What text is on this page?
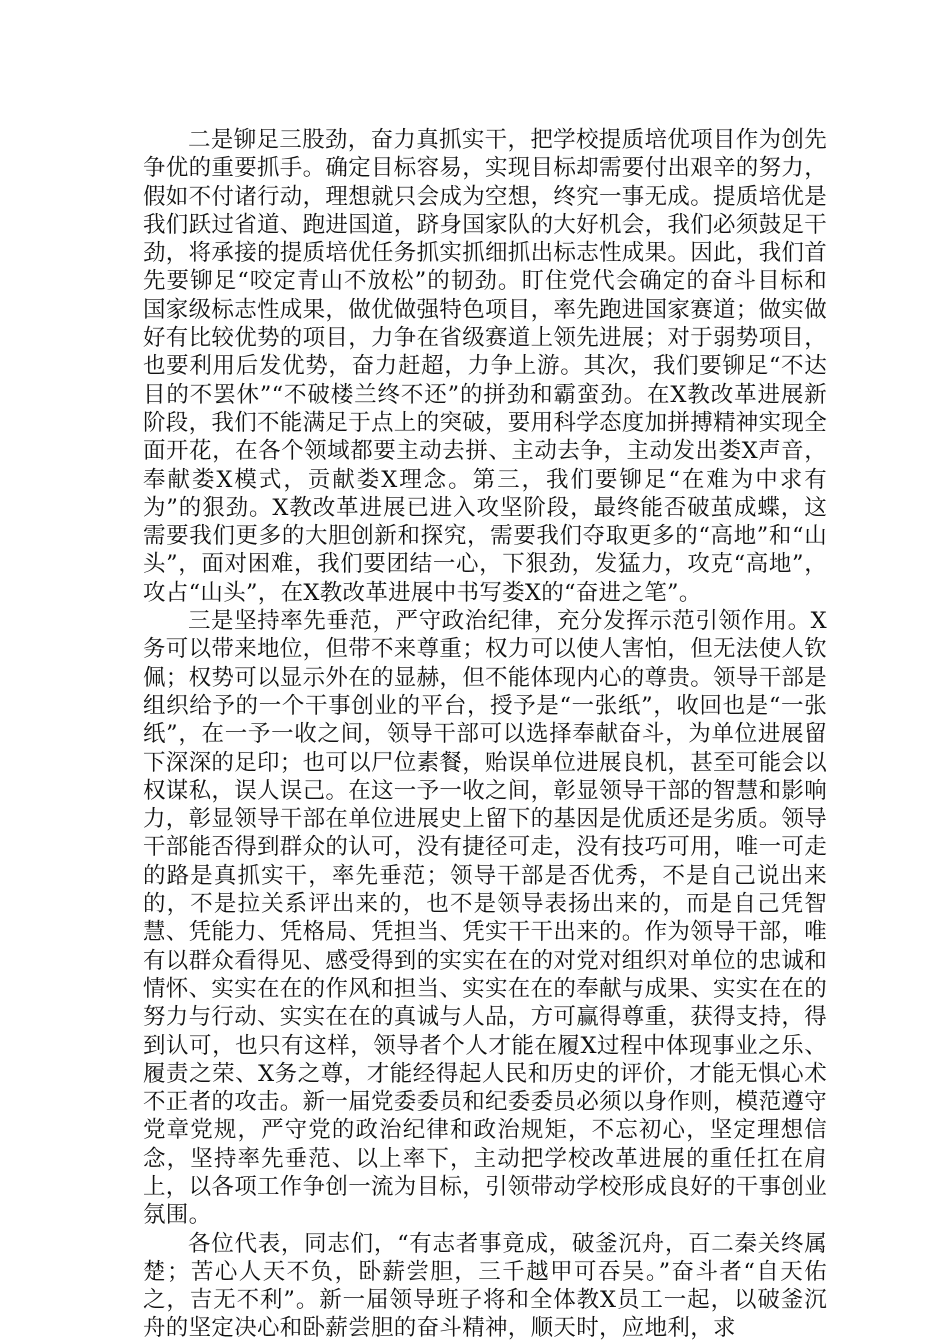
二是铆足三股劲，奋力真抓实干，把学校提质培优项目作为创先争优的重要抓手。确定目标容易，实现目标却需要付出艰辛的努力，假如不付诸行动，理想就只会成为空想，终究一事无成。提质培优是我们跃过省道、跑进国道，跻身国家队的大好机会，我们必须鼓足干劲，将承接的提质培优任务抓实抓细抓出标志性成果。因此，我们首先要铆足“咬定青山不放松”的韧劲。盯住党代会确定的奋斗目标和国家级标志性成果，做优做强特色项目，率先跑进国家赛道；做实做好有比较优势的项目，力争在省级赛道上领先进展；对于弱势项目，也要利用后发优势，奋力赶超，力争上游。其次，我们要铆足“不达目的不罢休”“不破楼兰终不还”的拼劲和霸蛮劲。在X教改革进展新阶段，我们不能满足于点上的突破，要用科学态度加拼搏精神实现全面开花，在各个领域都要主动去拼、主动去争，主动发出娄X声音，奉献娄X模式，贡献娄X理念。第三，我们要铆足“在难为中求有为”的狠劲。X教改革进展已进入攻坚阶段，最终能否破茧成蝶，这需要我们更多的大胆创新和探究，需要我们夺取更多的“高地”和“山头”，面对困难，我们要团结一心，下狠劲，发猛力，攻克“高地”，攻占“山头”，在X教改革进展中书写娄X的“奋进之笔”。

三是坚持率先垂范，严守政治纪律，充分发挥示范引领作用。X务可以带来地位，但带不来尊重；权力可以使人害怕，但无法使人钦佩；权势可以显示外在的显赫，但不能体现内心的尊贵。领导干部是组织给予的一个干事创业的平台，授予是“一张纸”，收回也是“一张纸”，在一予一收之间，领导干部可以选择奉献奋斗，为单位进展留下深深的足印；也可以尸位素餐，贻误单位进展良机，甚至可能会以权谋私，误人误己。在这一予一收之间，彰显领导干部的智慧和影响力，彰显领导干部在单位进展史上留下的基因是优质还是劣质。领导干部能否得到群众的认可，没有捷径可走，没有技巧可用，唯一可走的路是真抓实干，率先垂范；领导干部是否优秀，不是自己说出来的，不是拉关系评出来的，也不是领导表扬出来的，而是自己凭智慧、凭能力、凭格局、凭担当、凭实干干出来的。作为领导干部，唯有以群众看得见、感受得到的实实在在的对党对组织对单位的忠诚和情怀、实实在在的作风和担当、实实在在的奉献与成果、实实在在的努力与行动、实实在在的真诚与人品，方可赢得尊重，获得支持，得到认可，也只有这样，领导者个人才能在履X过程中体现事业之乐、履责之荣、X务之尊，才能经得起人民和历史的评价，才能无惧心术不正者的攻击。新一届党委委员和纪委委员必须以身作则，模范遵守党章党规，严守党的政治纪律和政治规矩，不忘初心，坚定理想信念，坚持率先垂范、以上率下，主动把学校改革进展的重任扛在肩上，以各项工作争创一流为目标，引领带动学校形成良好的干事创业氛围。

各位代表，同志们，“有志者事竟成，破釜沉舟，百二秦关终属楚；苦心人天不负，卧薪尝胆，三千越甲可吞吴。”奋斗者“自天佑之，吉无不利”。新一届领导班子将和全体教X员工一起，以破釜沉舟的坚定决心和卧薪尝胆的奋斗精神，顺天时，应地利，求
